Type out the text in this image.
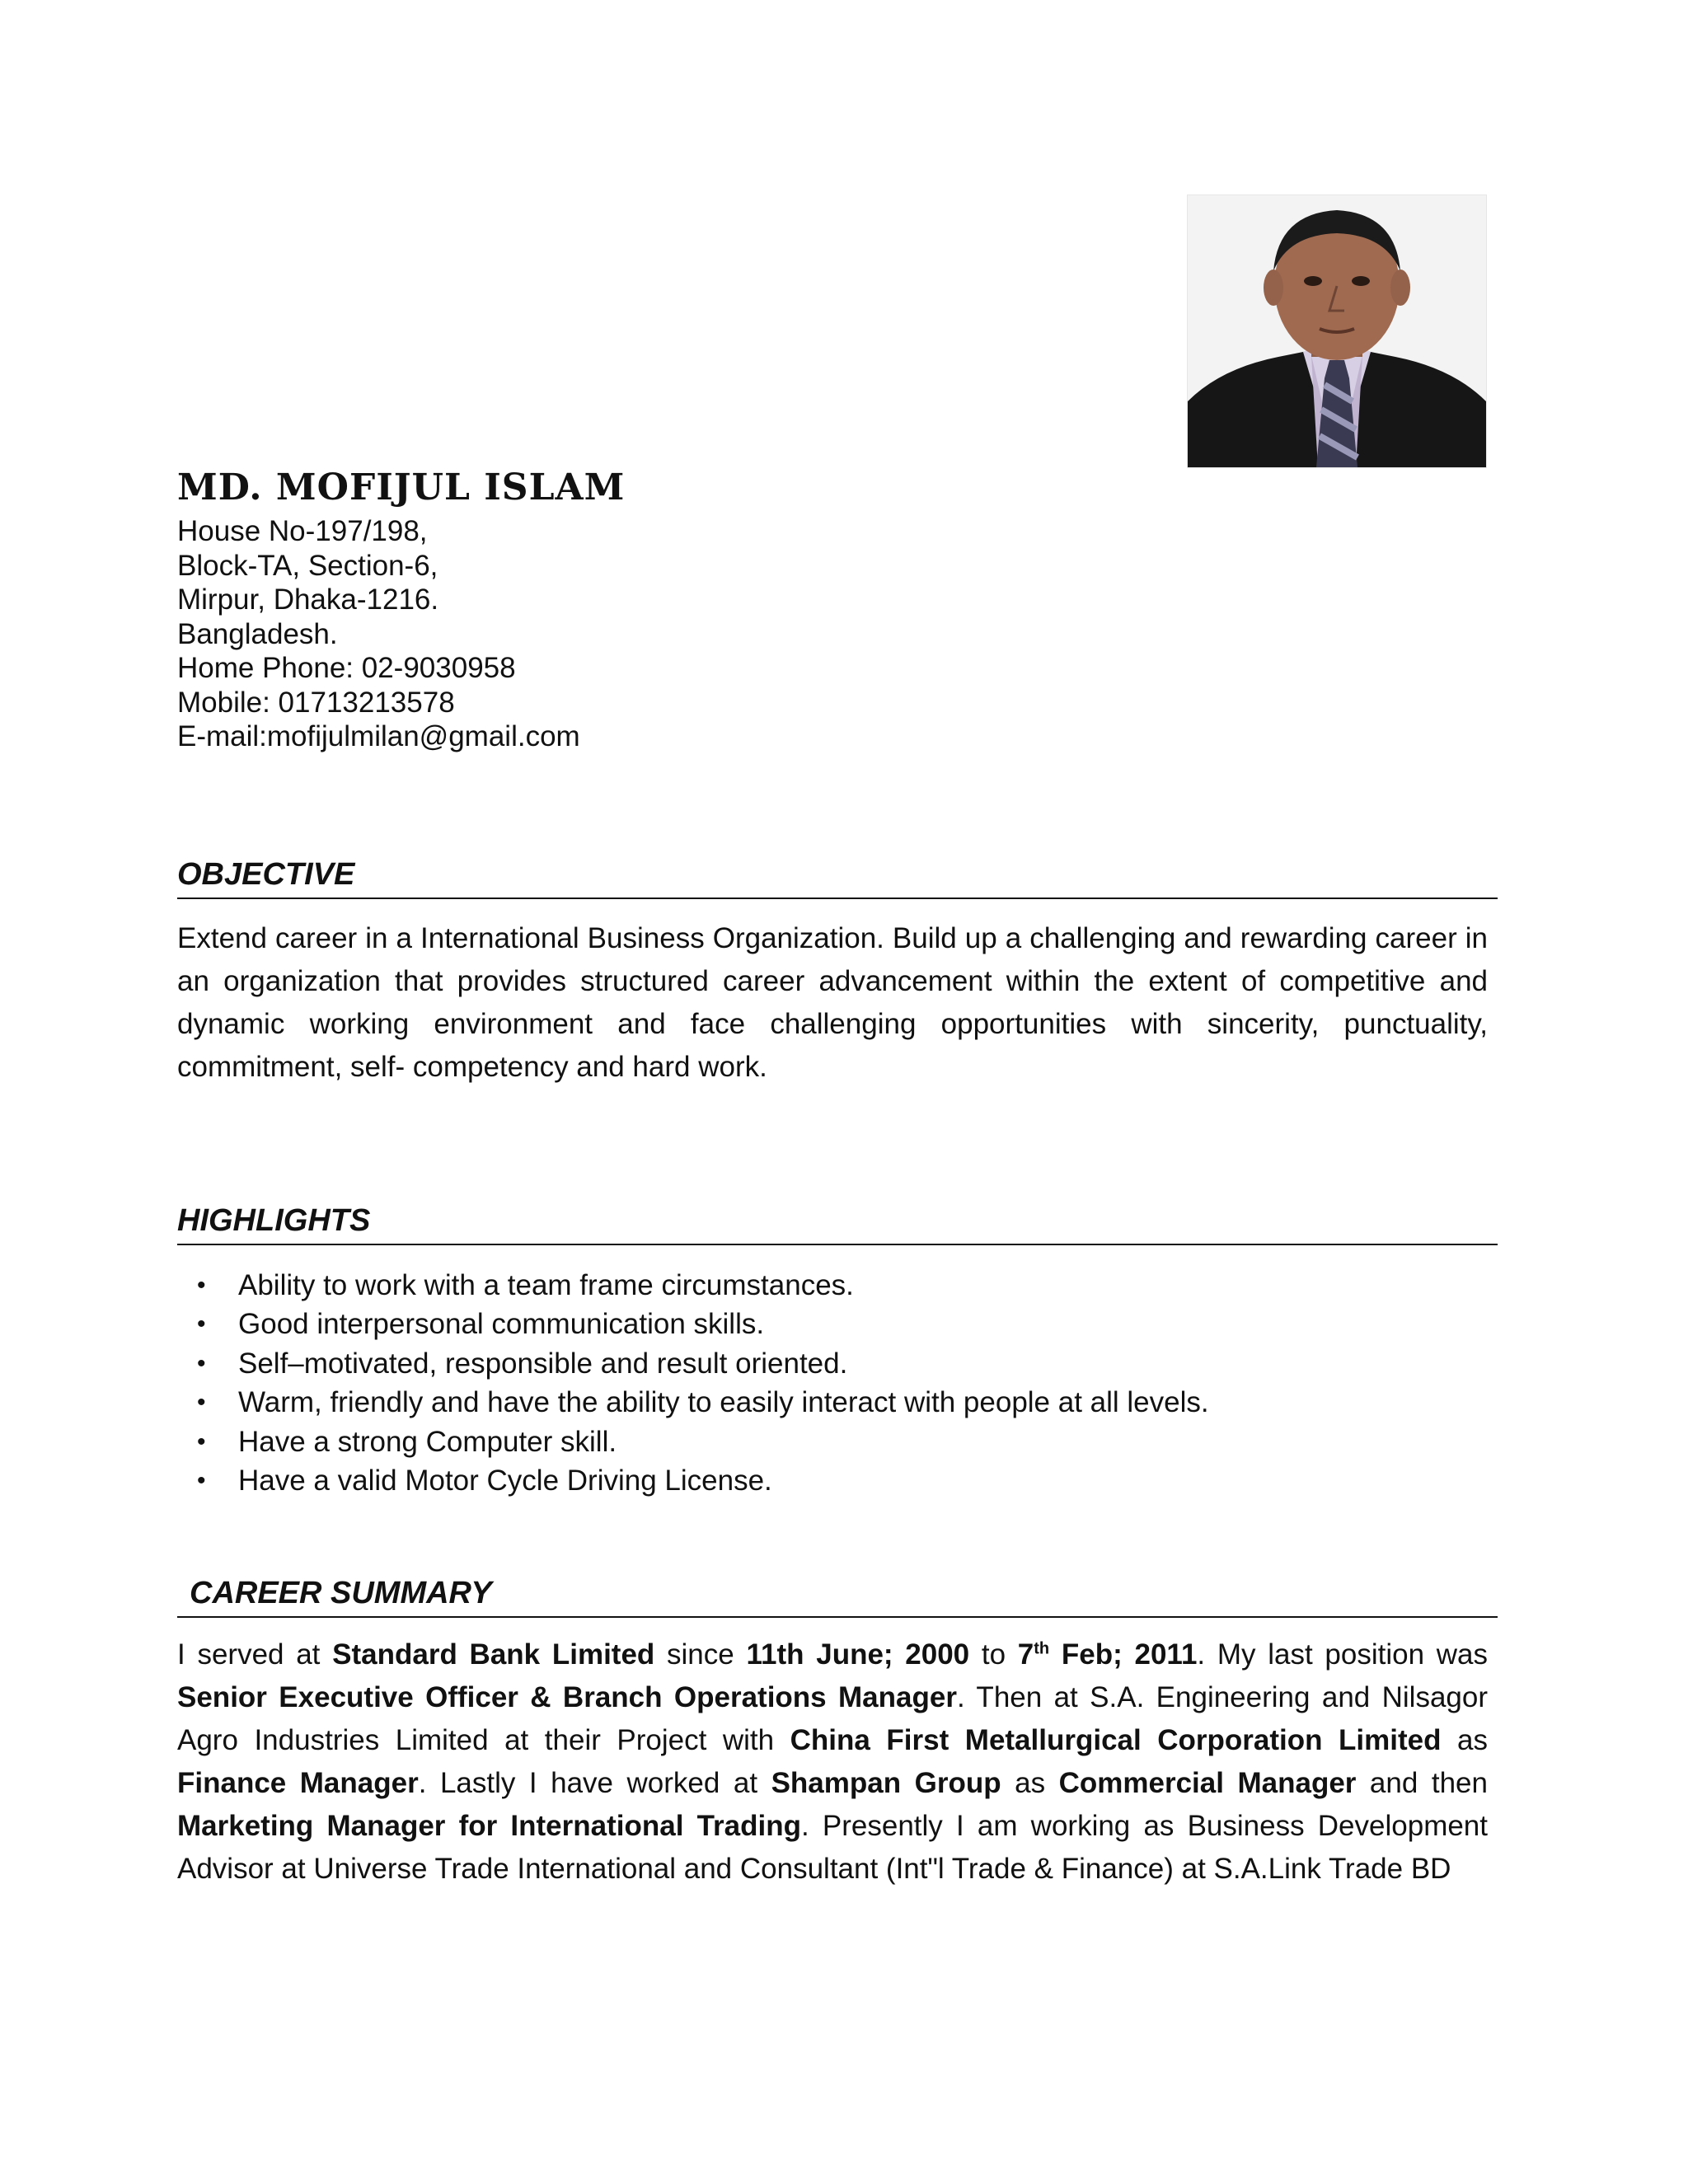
MD. MOFIJUL ISLAM
House No-197/198,
Block-TA, Section-6,
Mirpur, Dhaka-1216.
Bangladesh.
Home Phone: 02-9030958
Mobile: 01713213578
E-mail:mofijulmilan@gmail.com
OBJECTIVE
Extend career in a International Business Organization. Build up a challenging and rewarding career in an organization that provides structured career advancement within the extent of competitive and dynamic working environment and face challenging opportunities with sincerity, punctuality, commitment, self- competency and hard work.
HIGHLIGHTS
• Ability to work with a team frame circumstances.
• Good interpersonal communication skills.
• Self–motivated, responsible and result oriented.
• Warm, friendly and have the ability to easily interact with people at all levels.
• Have a strong Computer skill.
• Have a valid Motor Cycle Driving License.
CAREER SUMMARY
I served at Standard Bank Limited since 11th June; 2000 to 7th Feb; 2011. My last position was Senior Executive Officer & Branch Operations Manager. Then at S.A. Engineering and Nilsagor Agro Industries Limited at their Project with China First Metallurgical Corporation Limited as Finance Manager. Lastly I have worked at Shampan Group as Commercial Manager and then Marketing Manager for International Trading. Presently I am working as Business Development Advisor at Universe Trade International and Consultant (Int"l Trade & Finance) at S.A.Link Trade BD
